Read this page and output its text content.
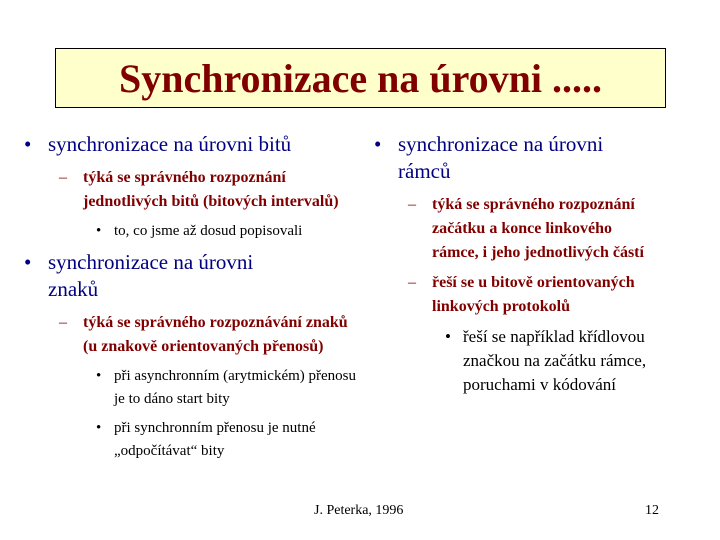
Synchronizace na úrovni .....
• synchronizace na úrovni bitů
–	týká se správného rozpoznání jednotlivých bitů (bitových intervalů)
• to, co jsme až dosud popisovali
• synchronizace na úrovni znaků
–	týká se správného rozpoznávání znaků (u znakově orientovaných přenosů)
• při asynchronním (arytmickém) přenosu je to dáno start bity
• při synchronním přenosu je nutné „odpočítávat“ bity
• synchronizace na úrovni rámců
–	týká se správného rozpoznání začátku a konce linkového rámce, i jeho jednotlivých částí
–	řeší se u bitově orientovaných linkových protokolů
• řeší se například křídlovou značkou na začátku rámce, poruchami v kódování
J. Peterka, 1996	12
